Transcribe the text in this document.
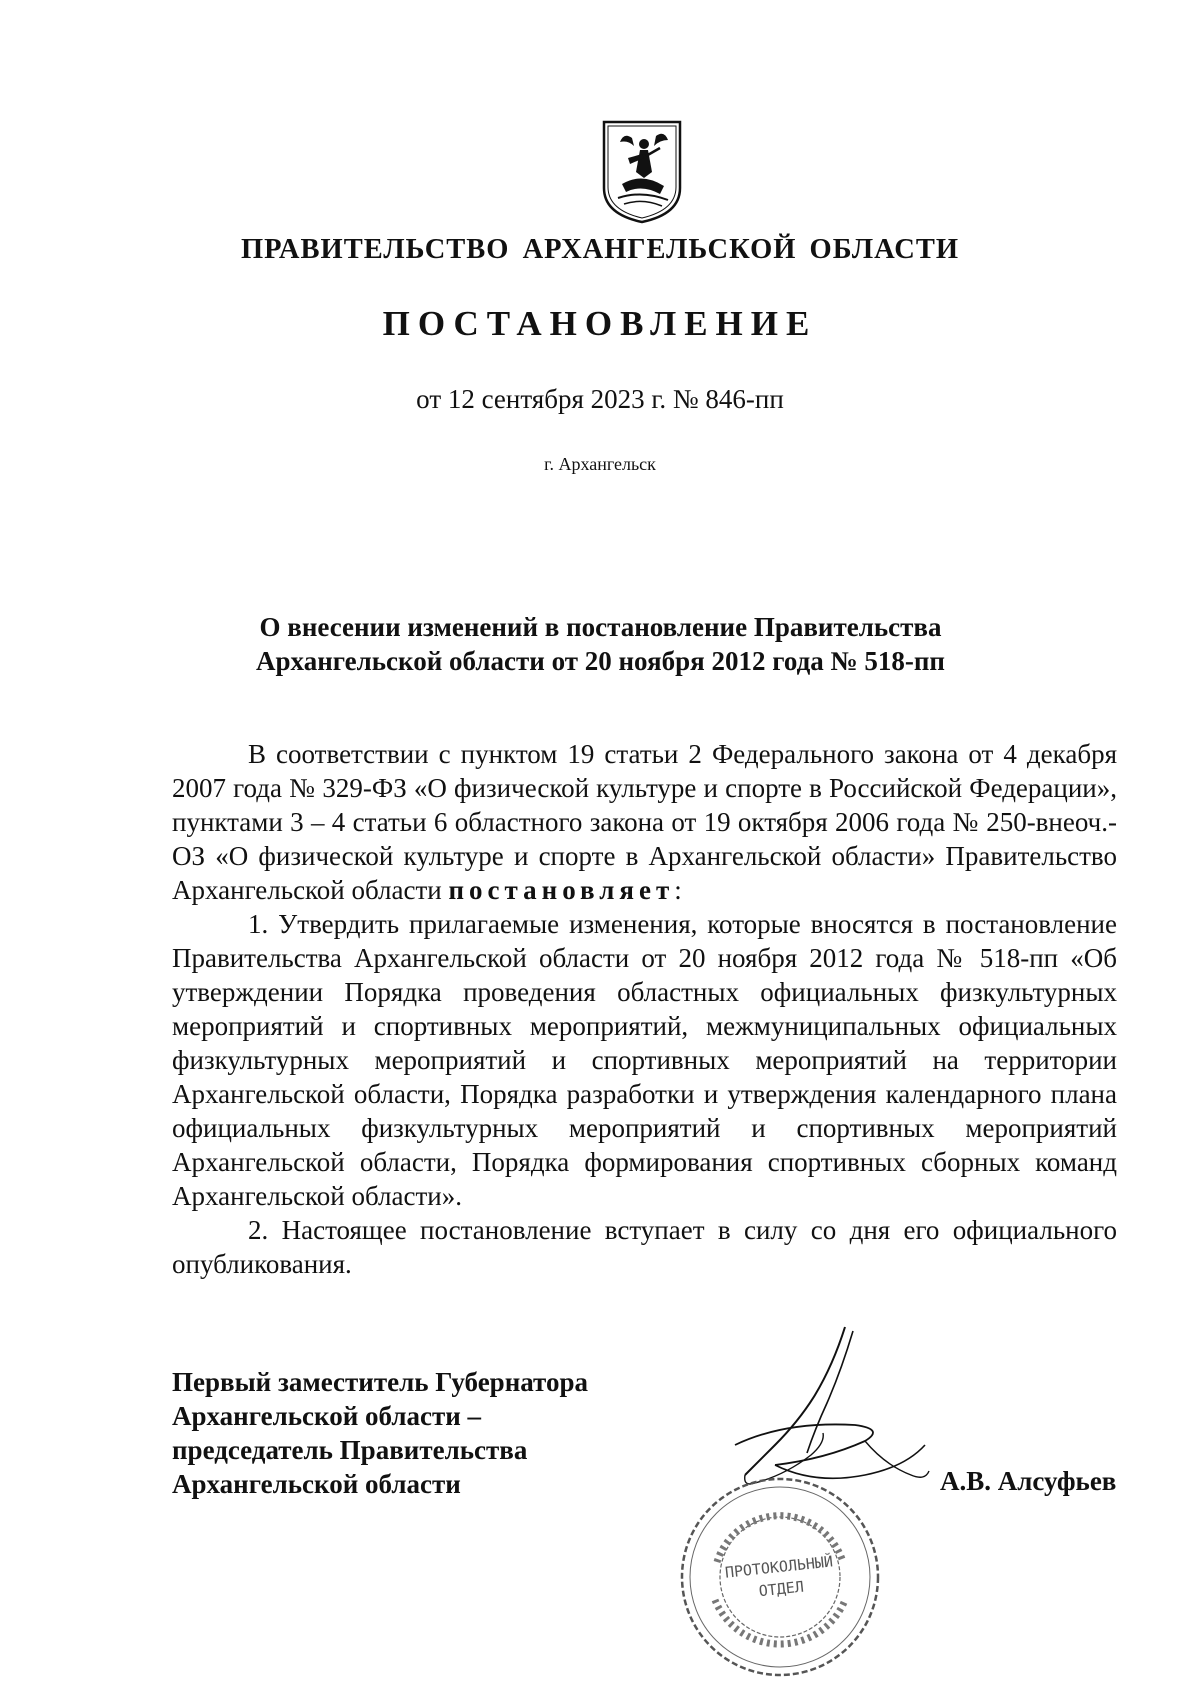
ПРАВИТЕЛЬСТВО АРХАНГЕЛЬСКОЙ ОБЛАСТИ
ПОСТАНОВЛЕНИЕ
от 12 сентября 2023 г. № 846-пп
г. Архангельск
О внесении изменений в постановление Правительства
Архангельской области от 20 ноября 2012 года № 518-пп

В соответствии с пунктом 19 статьи 2 Федерального закона от 4 декабря 2007 года № 329-ФЗ «О физической культуре и спорте в Российской Федерации», пунктами 3 – 4 статьи 6 областного закона от 19 октября 2006 года № 250-внеоч.-ОЗ «О физической культуре и спорте в Архангельской области» Правительство Архангельской области постановляет:

1. Утвердить прилагаемые изменения, которые вносятся в постановление Правительства Архангельской области от 20 ноября 2012 года № 518-пп «Об утверждении Порядка проведения областных официальных физкультурных мероприятий и спортивных мероприятий, межмуниципальных официальных физкультурных мероприятий и спортивных мероприятий на территории Архангельской области, Порядка разработки и утверждения календарного плана официальных физкультурных мероприятий и спортивных мероприятий Архангельской области, Порядка формирования спортивных сборных команд Архангельской области».

2. Настоящее постановление вступает в силу со дня его официального опубликования.

Первый заместитель Губернатора
Архангельской области –
председатель Правительства
Архангельской области	А.В. Алсуфьев
ПРОТОКОЛЬНЫЙ
ОТДЕЛ
